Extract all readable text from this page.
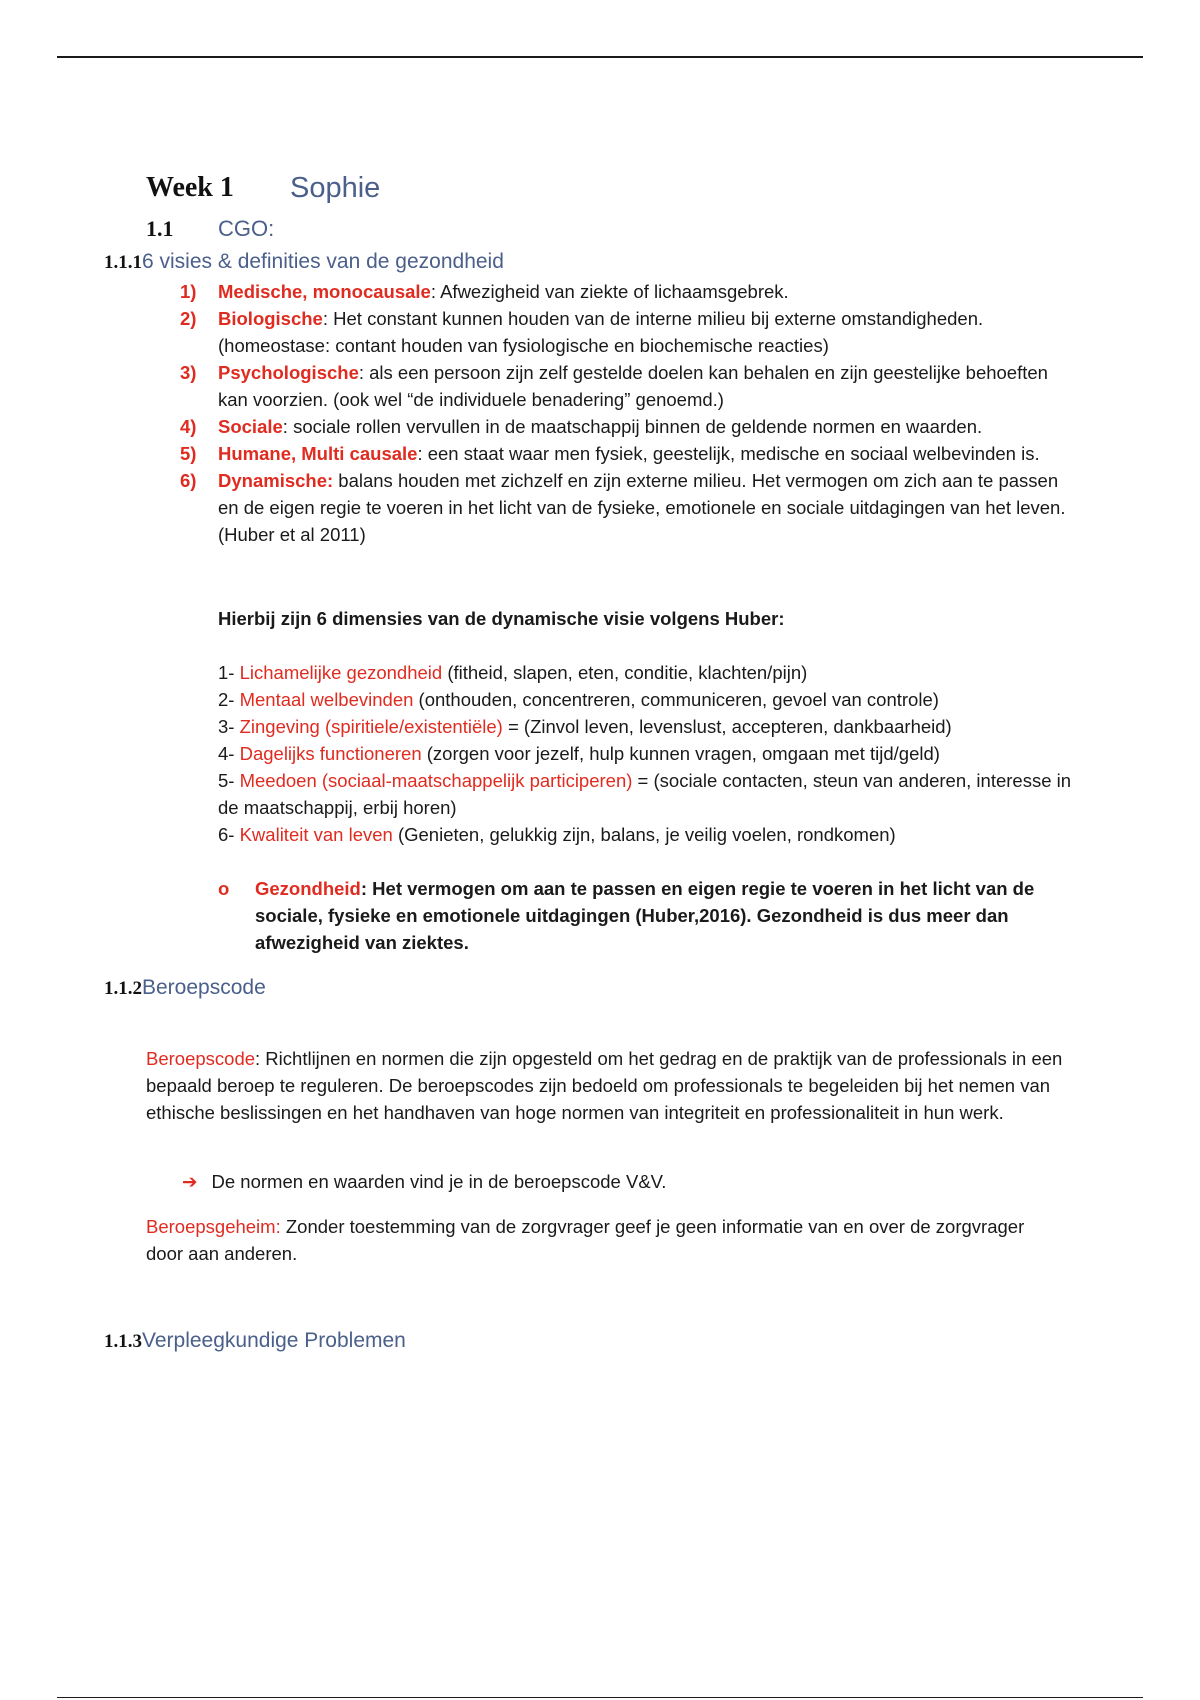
Week 1 Sophie
1.1 CGO:
1.1.16 visies & definities van de gezondheid
1) Medische, monocausale: Afwezigheid van ziekte of lichaamsgebrek.
2) Biologische: Het constant kunnen houden van de interne milieu bij externe omstandigheden. (homeostase: contant houden van fysiologische en biochemische reacties)
3) Psychologische: als een persoon zijn zelf gestelde doelen kan behalen en zijn geestelijke behoeften kan voorzien. (ook wel “de individuele benadering” genoemd.)
4) Sociale: sociale rollen vervullen in de maatschappij binnen de geldende normen en waarden.
5) Humane, Multi causale: een staat waar men fysiek, geestelijk, medische en sociaal welbevinden is.
6) Dynamische: balans houden met zichzelf en zijn externe milieu. Het vermogen om zich aan te passen en de eigen regie te voeren in het licht van de fysieke, emotionele en sociale uitdagingen van het leven. (Huber et al 2011)
Hierbij zijn 6 dimensies van de dynamische visie volgens Huber:
1- Lichamelijke gezondheid (fitheid, slapen, eten, conditie, klachten/pijn)
2- Mentaal welbevinden (onthouden, concentreren, communiceren, gevoel van controle)
3- Zingeving (spiritiele/existentiële) = (Zinvol leven, levenslust, accepteren, dankbaarheid)
4- Dagelijks functioneren (zorgen voor jezelf, hulp kunnen vragen, omgaan met tijd/geld)
5- Meedoen (sociaal-maatschappelijk participeren) = (sociale contacten, steun van anderen, interesse in de maatschappij, erbij horen)
6- Kwaliteit van leven (Genieten, gelukkig zijn, balans, je veilig voelen, rondkomen)
o	Gezondheid: Het vermogen om aan te passen en eigen regie te voeren in het licht van de sociale, fysieke en emotionele uitdagingen (Huber,2016). Gezondheid is dus meer dan afwezigheid van ziektes.
1.1.2Beroepscode
Beroepscode: Richtlijnen en normen die zijn opgesteld om het gedrag en de praktijk van de professionals in een bepaald beroep te reguleren. De beroepscodes zijn bedoeld om professionals te begeleiden bij het nemen van ethische beslissingen en het handhaven van hoge normen van integriteit en professionaliteit in hun werk.
➔ De normen en waarden vind je in de beroepscode V&V.
Beroepsgeheim: Zonder toestemming van de zorgvrager geef je geen informatie van en over de zorgvrager door aan anderen.
1.1.3Verpleegkundige Problemen
